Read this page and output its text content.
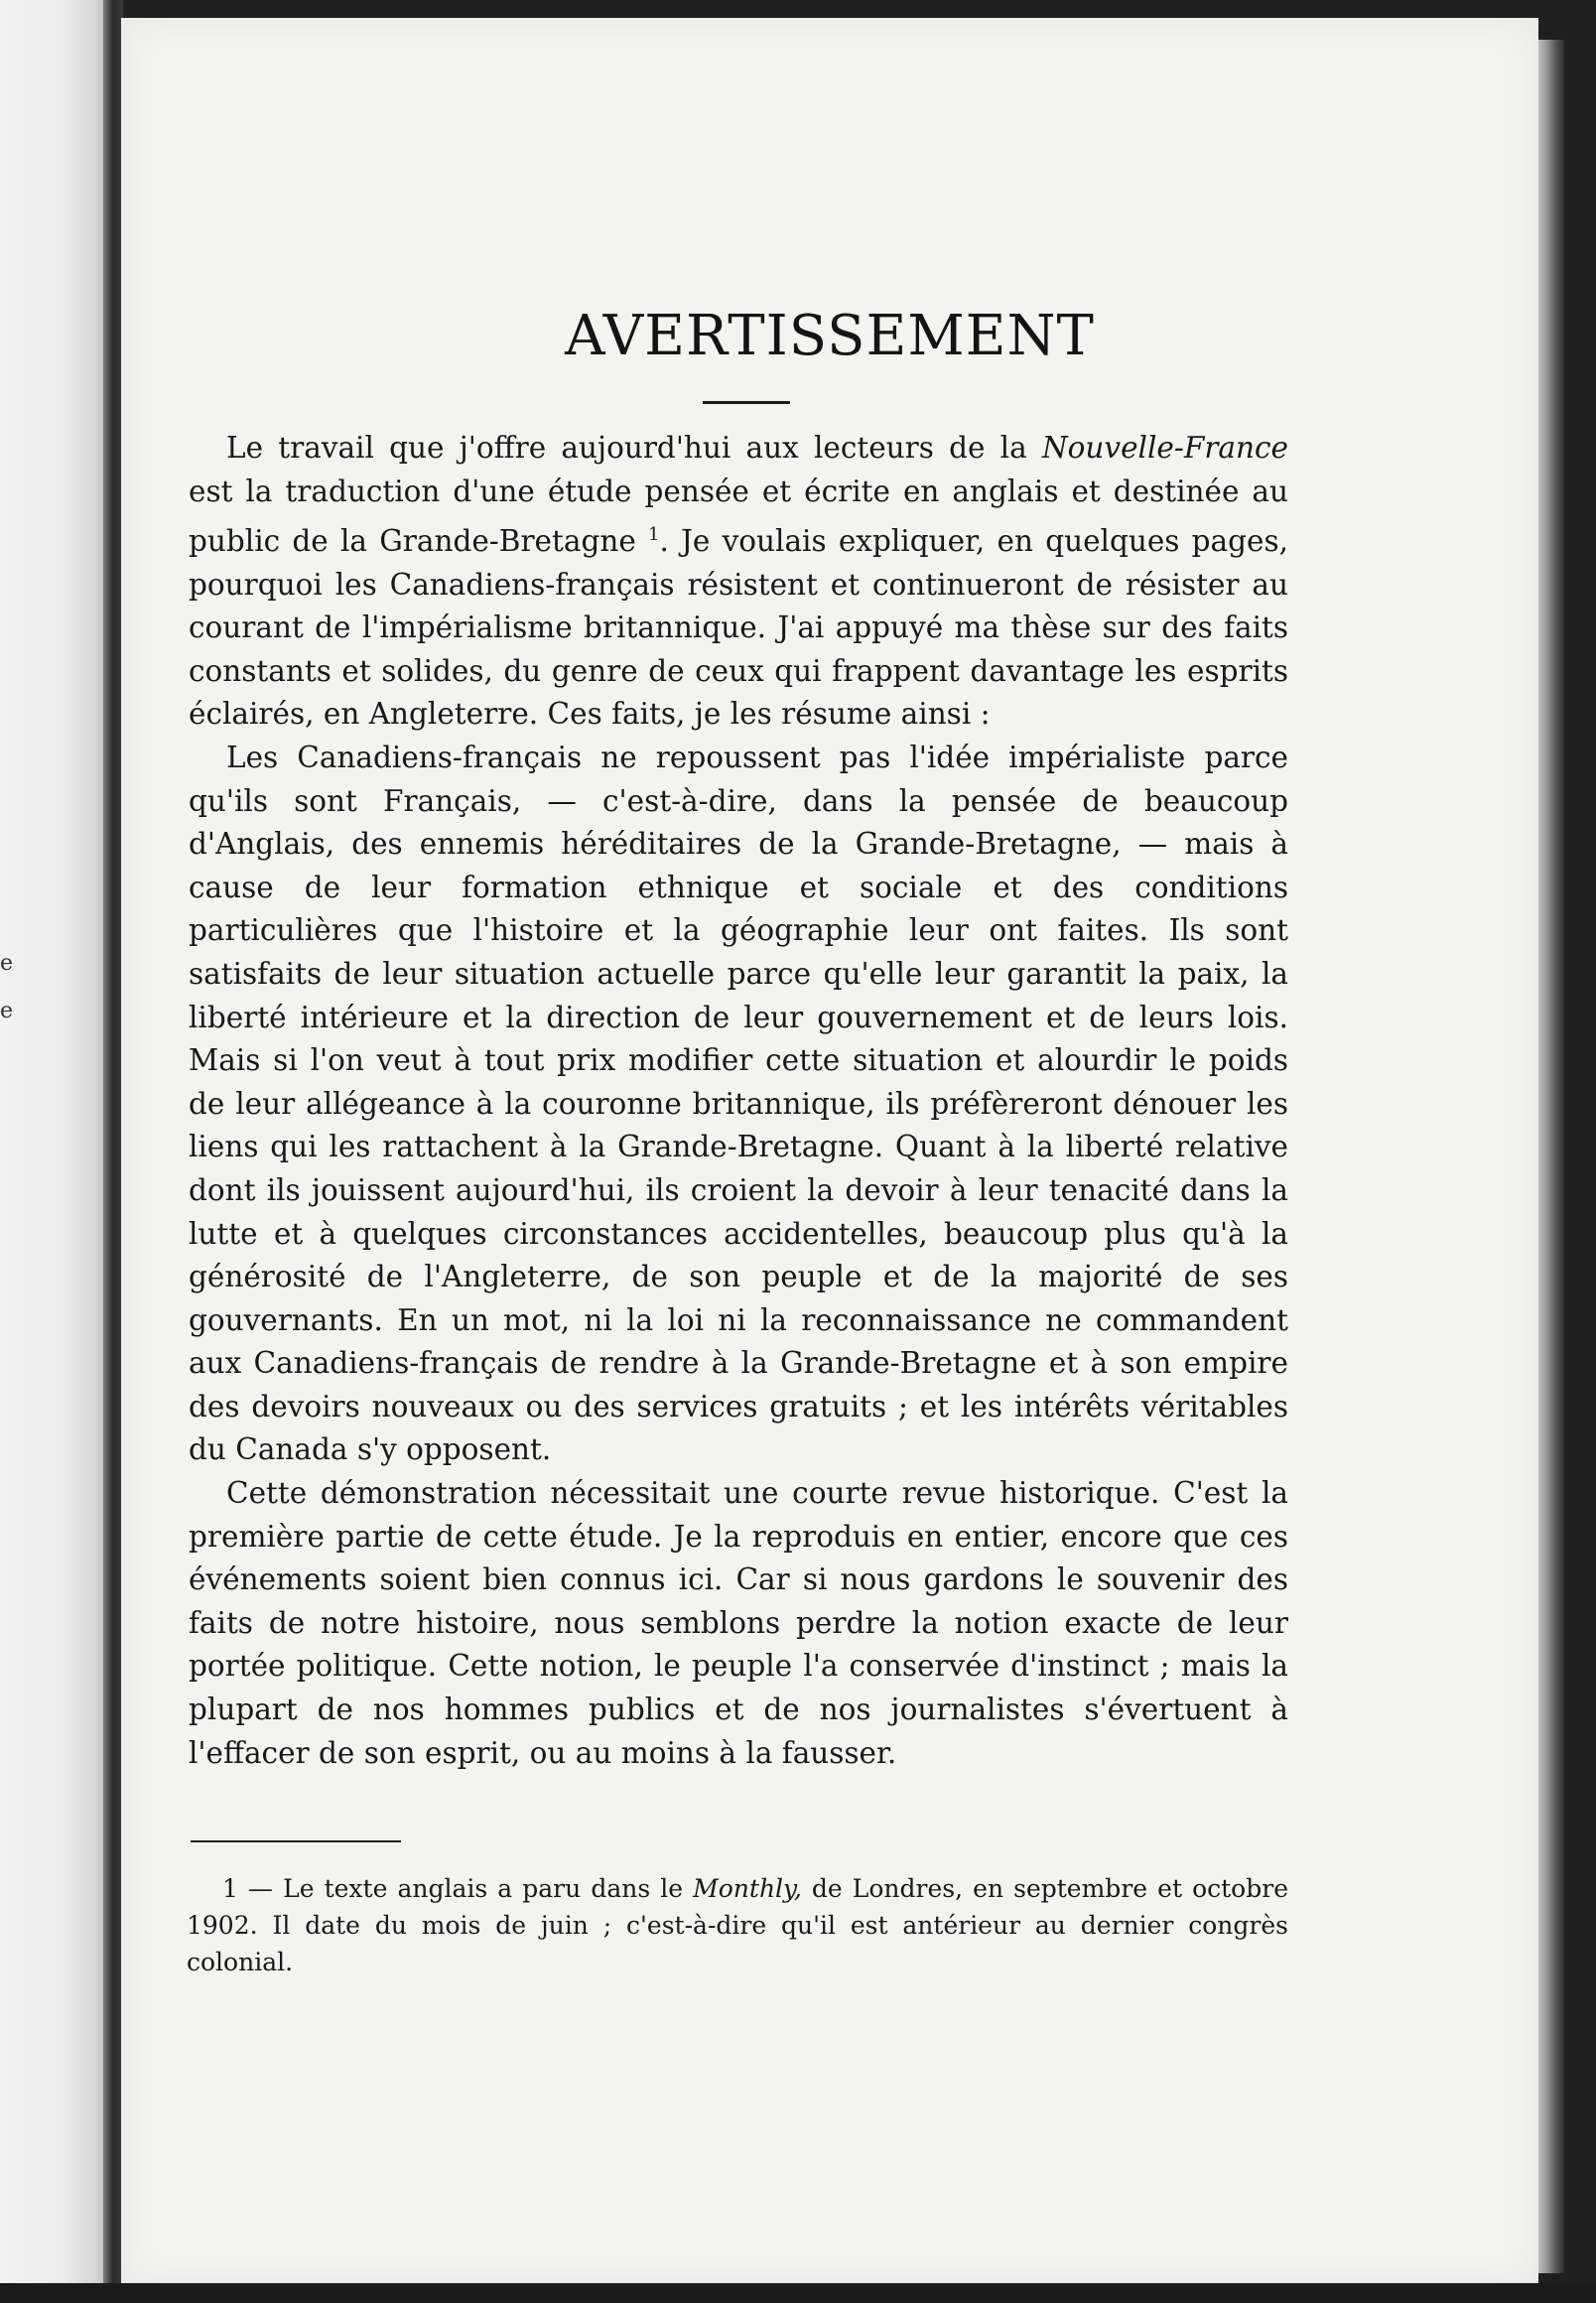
e
e
AVERTISSEMENT

Le travail que j'offre aujourd'hui aux lecteurs de la Nouvelle-France est la traduction d'une étude pensée et écrite en anglais et destinée au public de la Grande-Bretagne $^1$. Je voulais expliquer, en quelques pages, pourquoi les Canadiens-français résistent et continueront de résister au courant de l'impérialisme britannique. J'ai appuyé ma thèse sur des faits constants et solides, du genre de ceux qui frappent davantage les esprits éclairés, en Angleterre. Ces faits, je les résume ainsi :

Les Canadiens-français ne repoussent pas l'idée impérialiste parce qu'ils sont Français, — c'est-à-dire, dans la pensée de beaucoup d'Anglais, des ennemis héréditaires de la Grande-Bretagne, — mais à cause de leur formation ethnique et sociale et des conditions particulières que l'histoire et la géographie leur ont faites. Ils sont satisfaits de leur situation actuelle parce qu'elle leur garantit la paix, la liberté intérieure et la direction de leur gouvernement et de leurs lois. Mais si l'on veut à tout prix modifier cette situation et alourdir le poids de leur allégeance à la couronne britannique, ils préfèreront dénouer les liens qui les rattachent à la Grande-Bretagne. Quant à la liberté relative dont ils jouissent aujourd'hui, ils croient la devoir à leur tenacité dans la lutte et à quelques circonstances accidentelles, beaucoup plus qu'à la générosité de l'Angleterre, de son peuple et de la majorité de ses gouvernants. En un mot, ni la loi ni la reconnaissance ne commandent aux Canadiens-français de rendre à la Grande-Bretagne et à son empire des devoirs nouveaux ou des services gratuits ; et les intérêts véritables du Canada s'y opposent.

Cette démonstration nécessitait une courte revue historique. C'est la première partie de cette étude. Je la reproduis en entier, encore que ces événements soient bien connus ici. Car si nous gardons le souvenir des faits de notre histoire, nous semblons perdre la notion exacte de leur portée politique. Cette notion, le peuple l'a conservée d'instinct ; mais la plupart de nos hommes publics et de nos journalistes s'évertuent à l'effacer de son esprit, ou au moins à la fausser.

1 — Le texte anglais a paru dans le Monthly, de Londres, en septembre et octobre 1902. Il date du mois de juin ; c'est-à-dire qu'il est antérieur au dernier congrès colonial.
